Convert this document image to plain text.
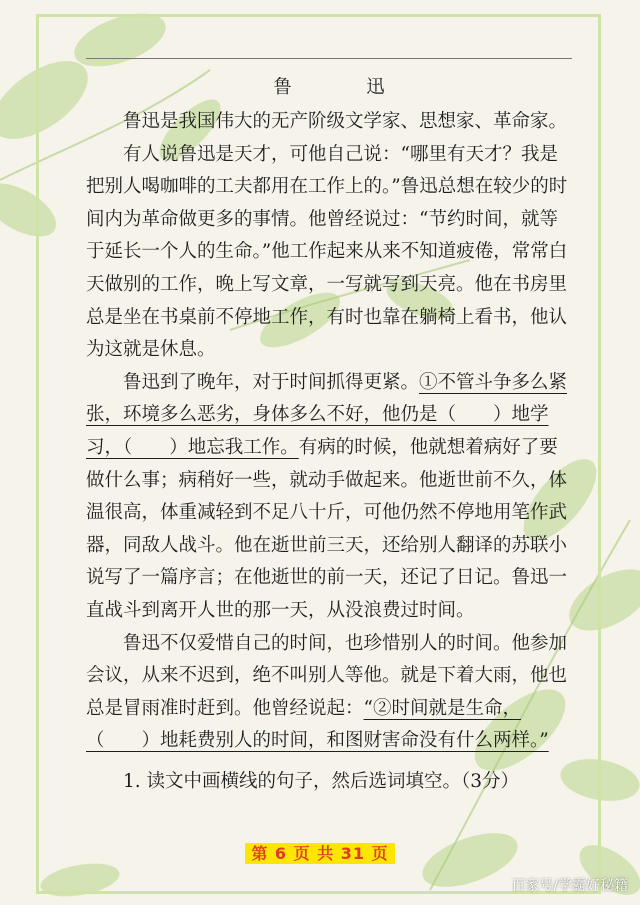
鲁　迅

鲁迅是我国伟大的无产阶级文学家、思想家、革命家。

有人说鲁迅是天才，可他自己说：“哪里有天才？我是把别人喝咖啡的工夫都用在工作上的。”鲁迅总想在较少的时间内为革命做更多的事情。他曾经说过：“节约时间，就等于延长一个人的生命。”他工作起来从来不知道疲倦，常常白天做别的工作，晚上写文章，一写就写到天亮。他在书房里总是坐在书桌前不停地工作，有时也靠在躺椅上看书，他认为这就是休息。

鲁迅到了晚年，对于时间抓得更紧。①不管斗争多么紧张，环境多么恶劣，身体多么不好，他仍是（　　）地学习，（　　）地忘我工作。有病的时候，他就想着病好了要做什么事；病稍好一些，就动手做起来。他逝世前不久，体温很高，体重减轻到不足八十斤，可他仍然不停地用笔作武器，同敌人战斗。他在逝世前三天，还给别人翻译的苏联小说写了一篇序言；在他逝世的前一天，还记了日记。鲁迅一直战斗到离开人世的那一天，从没浪费过时间。

鲁迅不仅爱惜自己的时间，也珍惜别人的时间。他参加会议，从来不迟到，绝不叫别人等他。就是下着大雨，他也总是冒雨准时赶到。他曾经说起：“②时间就是生命，（　　）地耗费别人的时间，和图财害命没有什么两样。”

1. 读文中画横线的句子，然后选词填空。（3分）

第 6 页 共 31 页
百家号/学霸好秘籍
